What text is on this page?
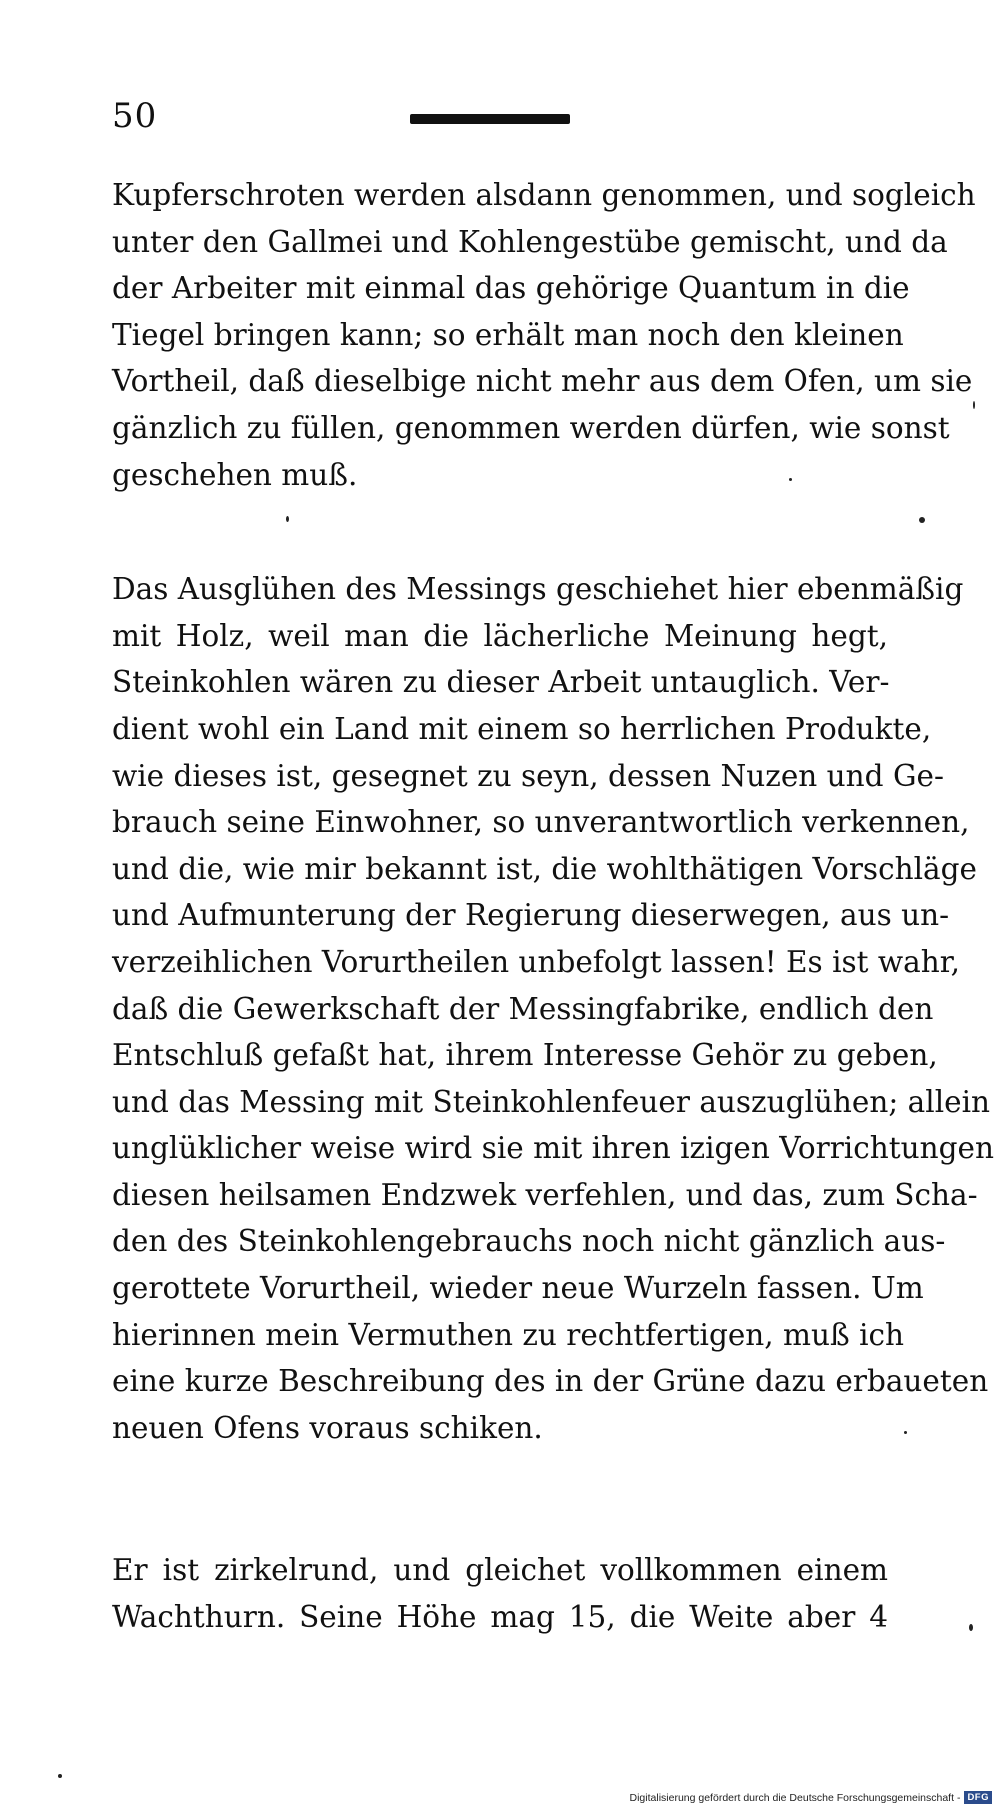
50
Kupferschroten werden alsdann genommen, und sogleich
unter den Gallmei und Kohlengestübe gemischt, und da
der Arbeiter mit einmal das gehörige Quantum in die
Tiegel bringen kann; so erhält man noch den kleinen
Vortheil, daß dieselbige nicht mehr aus dem Ofen, um sie
gänzlich zu füllen, genommen werden dürfen, wie sonst
geschehen muß.
Das Ausglühen des Messings geschiehet hier ebenmäßig
mit Holz, weil man die lächerliche Meinung hegt,
Steinkohlen wären zu dieser Arbeit untauglich. Ver-
dient wohl ein Land mit einem so herrlichen Produkte,
wie dieses ist, gesegnet zu seyn, dessen Nuzen und Ge-
brauch seine Einwohner, so unverantwortlich verkennen,
und die, wie mir bekannt ist, die wohlthätigen Vorschläge
und Aufmunterung der Regierung dieserwegen, aus un-
verzeihlichen Vorurtheilen unbefolgt lassen! Es ist wahr,
daß die Gewerkschaft der Messingfabrike, endlich den
Entschluß gefaßt hat, ihrem Interesse Gehör zu geben,
und das Messing mit Steinkohlenfeuer auszuglühen; allein
unglüklicher weise wird sie mit ihren izigen Vorrichtungen
diesen heilsamen Endzwek verfehlen, und das, zum Scha-
den des Steinkohlengebrauchs noch nicht gänzlich aus-
gerottete Vorurtheil, wieder neue Wurzeln fassen. Um
hierinnen mein Vermuthen zu rechtfertigen, muß ich
eine kurze Beschreibung des in der Grüne dazu erbaueten
neuen Ofens voraus schiken.
Er ist zirkelrund, und gleichet vollkommen einem
Wachthurn. Seine Höhe mag 15, die Weite aber 4
Digitalisierung gefördert durch die Deutsche Forschungsgemeinschaft - DFG
